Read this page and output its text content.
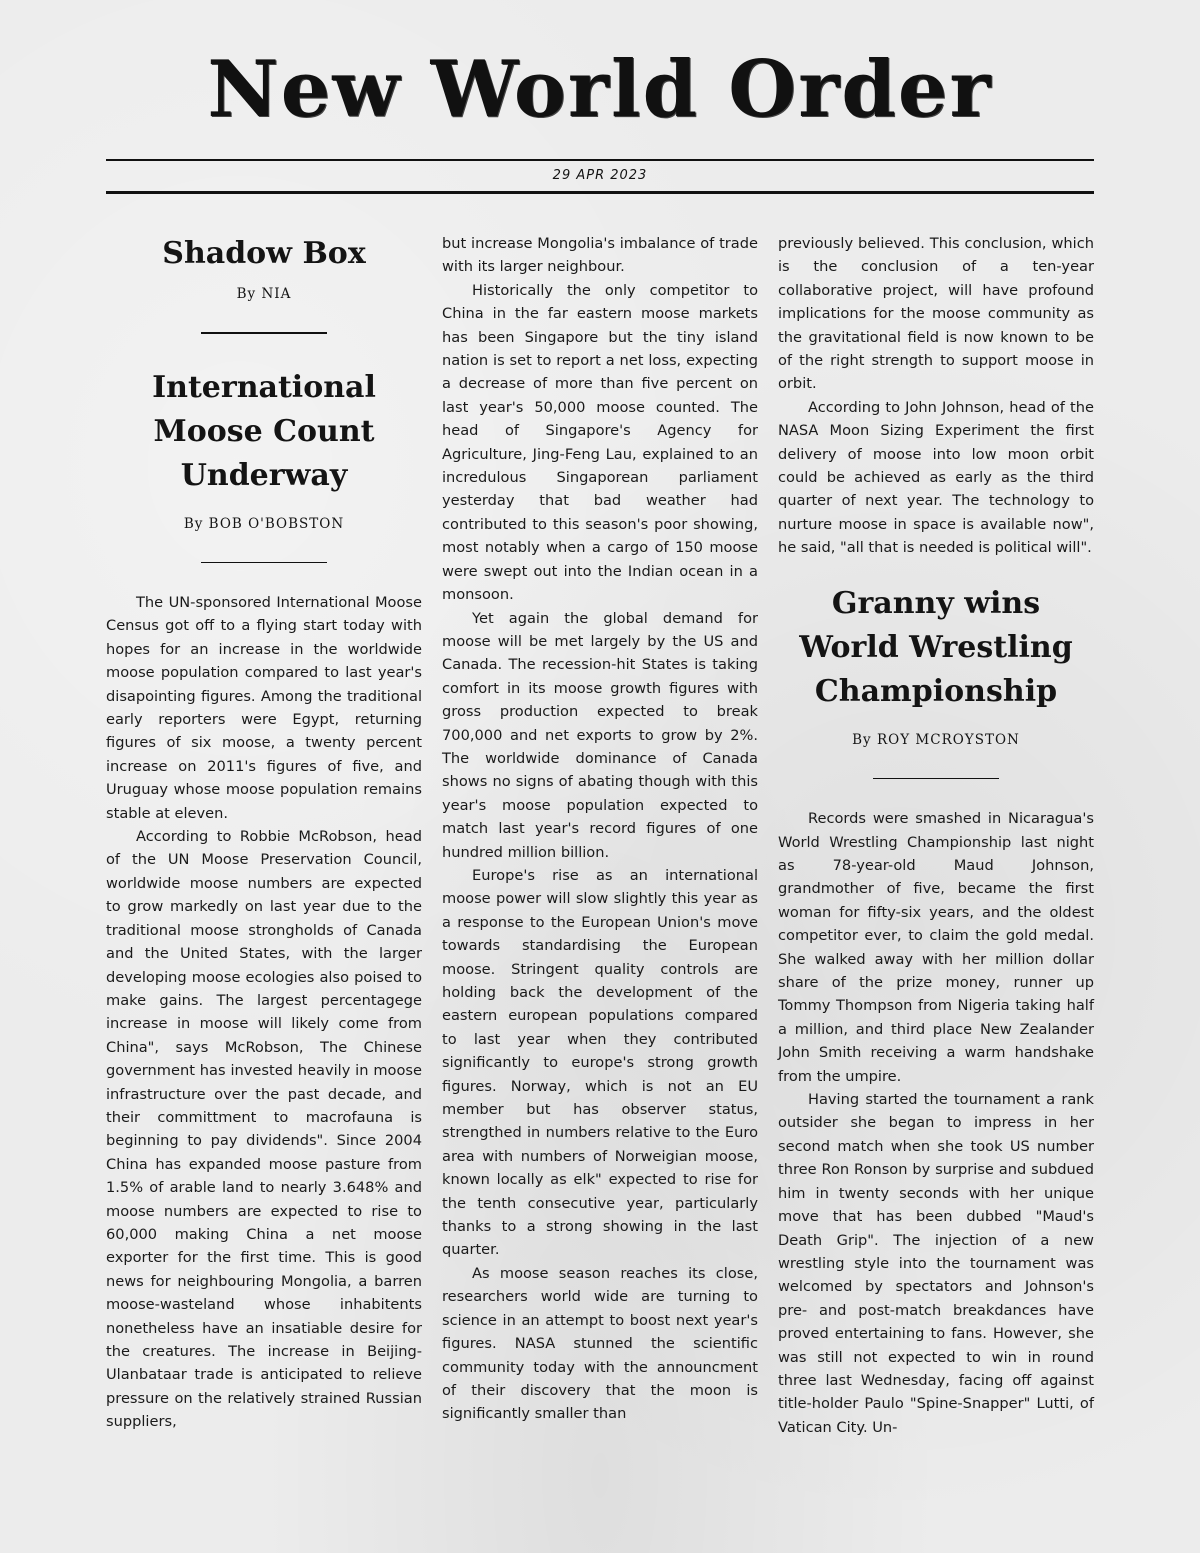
New World Order
29 APR 2023
Shadow Box

By NIA

International
Moose Count
Underway

By BOB O'BOBSTON

The UN-sponsored International Moose Census got off to a flying start today with hopes for an increase in the worldwide moose population compared to last year's disapointing figures. Among the traditional early reporters were Egypt, returning figures of six moose, a twenty percent increase on 2011's figures of five, and Uruguay whose moose population remains stable at eleven.

According to Robbie McRobson, head of the UN Moose Preservation Council, worldwide moose numbers are expected to grow markedly on last year due to the traditional moose strongholds of Canada and the United States, with the larger developing moose ecologies also poised to make gains. The largest percentagege increase in moose will likely come from China", says McRobson, The Chinese government has invested heavily in moose infrastructure over the past decade, and their committment to macrofauna is beginning to pay dividends". Since 2004 China has expanded moose pasture from 1.5% of arable land to nearly 3.648% and moose numbers are expected to rise to 60,000 making China a net moose exporter for the first time. This is good news for neighbouring Mongolia, a barren moose-wasteland whose inhabitents nonetheless have an insatiable desire for the creatures. The increase in Beijing-Ulanbataar trade is anticipated to relieve pressure on the relatively strained Russian suppliers,

but increase Mongolia's imbalance of trade with its larger neighbour.

Historically the only competitor to China in the far eastern moose markets has been Singapore but the tiny island nation is set to report a net loss, expecting a decrease of more than five percent on last year's 50,000 moose counted. The head of Singapore's Agency for Agriculture, Jing-Feng Lau, explained to an incredulous Singaporean parliament yesterday that bad weather had contributed to this season's poor showing, most notably when a cargo of 150 moose were swept out into the Indian ocean in a monsoon.

Yet again the global demand for moose will be met largely by the US and Canada. The recession-hit States is taking comfort in its moose growth figures with gross production expected to break 700,000 and net exports to grow by 2%. The worldwide dominance of Canada shows no signs of abating though with this year's moose population expected to match last year's record figures of one hundred million billion.

Europe's rise as an international moose power will slow slightly this year as a response to the European Union's move towards standardising the European moose. Stringent quality controls are holding back the development of the eastern european populations compared to last year when they contributed significantly to europe's strong growth figures. Norway, which is not an EU member but has observer status, strengthed in numbers relative to the Euro area with numbers of Norweigian moose, known locally as elk" expected to rise for the tenth consecutive year, particularly thanks to a strong showing in the last quarter.

As moose season reaches its close, researchers world wide are turning to science in an attempt to boost next year's figures. NASA stunned the scientific community today with the announcment of their discovery that the moon is significantly smaller than

previously believed. This conclusion, which is the conclusion of a ten-year collaborative project, will have profound implications for the moose community as the gravitational field is now known to be of the right strength to support moose in orbit.

According to John Johnson, head of the NASA Moon Sizing Experiment the first delivery of moose into low moon orbit could be achieved as early as the third quarter of next year. The technology to nurture moose in space is available now", he said, "all that is needed is political will".

Granny wins
World Wrestling
Championship

By ROY MCROYSTON

Records were smashed in Nicaragua's World Wrestling Championship last night as 78-year-old Maud Johnson, grandmother of five, became the first woman for fifty-six years, and the oldest competitor ever, to claim the gold medal. She walked away with her million dollar share of the prize money, runner up Tommy Thompson from Nigeria taking half a million, and third place New Zealander John Smith receiving a warm handshake from the umpire.

Having started the tournament a rank outsider she began to impress in her second match when she took US number three Ron Ronson by surprise and subdued him in twenty seconds with her unique move that has been dubbed "Maud's Death Grip". The injection of a new wrestling style into the tournament was welcomed by spectators and Johnson's pre- and post-match breakdances have proved entertaining to fans. However, she was still not expected to win in round three last Wednesday, facing off against title-holder Paulo "Spine-Snapper" Lutti, of Vatican City. Un-
